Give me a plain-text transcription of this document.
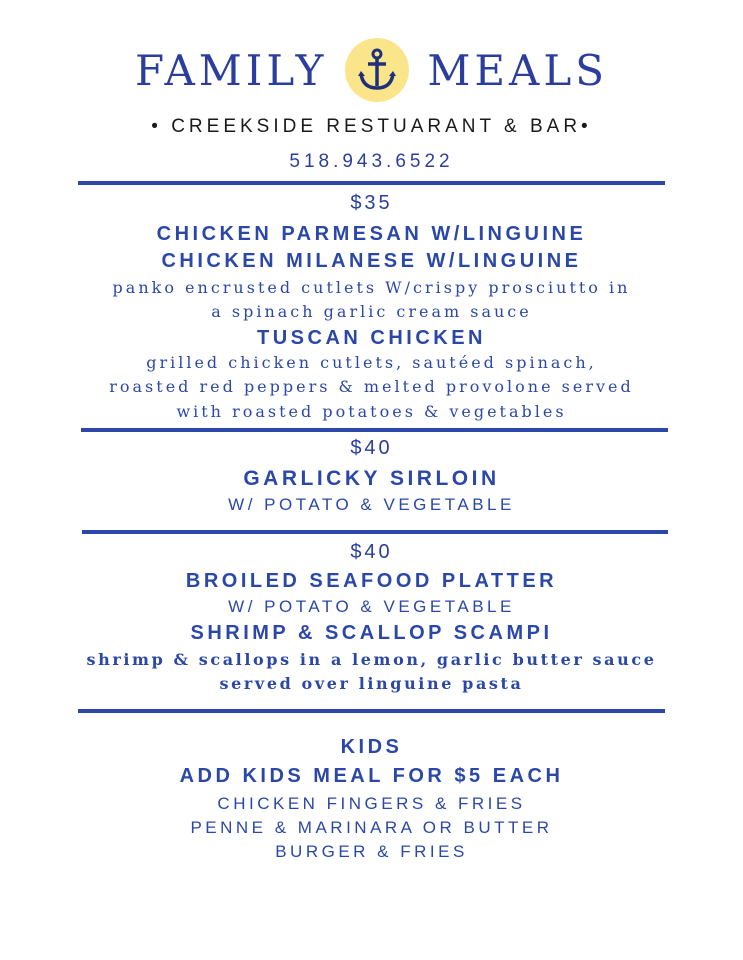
FAMILY MEALS
• CREEKSIDE RESTUARANT & BAR•
518.943.6522
$35
CHICKEN PARMESAN W/LINGUINE
CHICKEN MILANESE W/LINGUINE
panko encrusted cutlets W/crispy prosciutto in
a spinach garlic cream sauce
TUSCAN CHICKEN
grilled chicken cutlets, sautéed spinach,
roasted red peppers & melted provolone served
with roasted potatoes & vegetables
$40
GARLICKY SIRLOIN
W/ POTATO & VEGETABLE
$40
BROILED SEAFOOD PLATTER
W/ POTATO & VEGETABLE
SHRIMP & SCALLOP SCAMPI
shrimp & scallops in a lemon, garlic butter sauce
served over linguine pasta
KIDS
ADD KIDS MEAL FOR $5 EACH
CHICKEN FINGERS & FRIES
PENNE & MARINARA OR BUTTER
BURGER & FRIES
